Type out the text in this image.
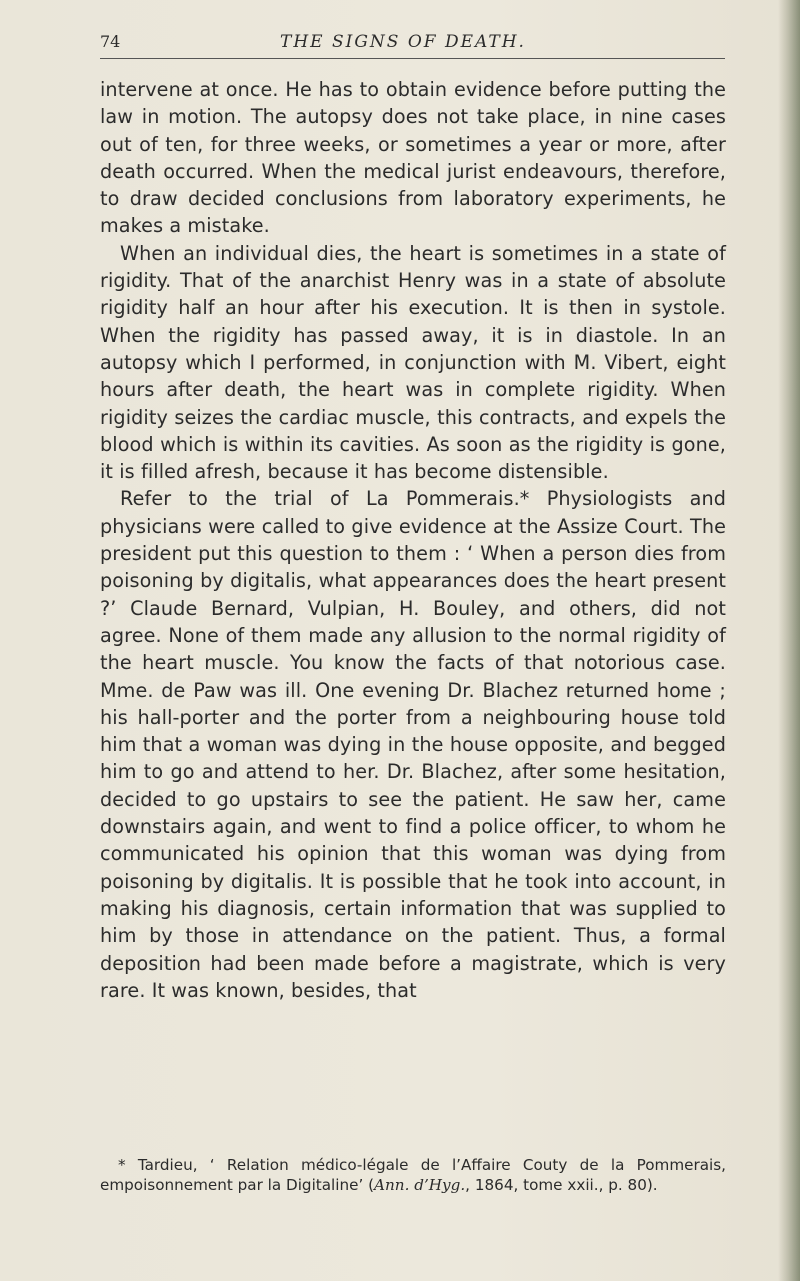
74	THE SIGNS OF DEATH.

intervene at once. He has to obtain evidence before putting the law in motion. The autopsy does not take place, in nine cases out of ten, for three weeks, or sometimes a year or more, after death occurred. When the medical jurist endeavours, therefore, to draw decided conclusions from laboratory experiments, he makes a mistake.

When an individual dies, the heart is sometimes in a state of rigidity. That of the anarchist Henry was in a state of absolute rigidity half an hour after his execution. It is then in systole. When the rigidity has passed away, it is in diastole. In an autopsy which I performed, in conjunction with M. Vibert, eight hours after death, the heart was in complete rigidity. When rigidity seizes the cardiac muscle, this contracts, and expels the blood which is within its cavities. As soon as the rigidity is gone, it is filled afresh, because it has become distensible.

Refer to the trial of La Pommerais.* Physiologists and physicians were called to give evidence at the Assize Court. The president put this question to them : ‘ When a person dies from poisoning by digitalis, what appearances does the heart present ?’ Claude Bernard, Vulpian, H. Bouley, and others, did not agree. None of them made any allusion to the normal rigidity of the heart muscle. You know the facts of that notorious case. Mme. de Paw was ill. One evening Dr. Blachez returned home ; his hall-porter and the porter from a neighbouring house told him that a woman was dying in the house opposite, and begged him to go and attend to her. Dr. Blachez, after some hesitation, decided to go upstairs to see the patient. He saw her, came downstairs again, and went to find a police officer, to whom he communicated his opinion that this woman was dying from poisoning by digitalis. It is possible that he took into account, in making his diagnosis, certain information that was supplied to him by those in attendance on the patient. Thus, a formal deposition had been made before a magistrate, which is very rare. It was known, besides, that

* Tardieu, ‘ Relation médico-légale de l’Affaire Couty de la Pommerais, empoisonnement par la Digitaline’ (Ann. d’Hyg., 1864, tome xxii., p. 80).
